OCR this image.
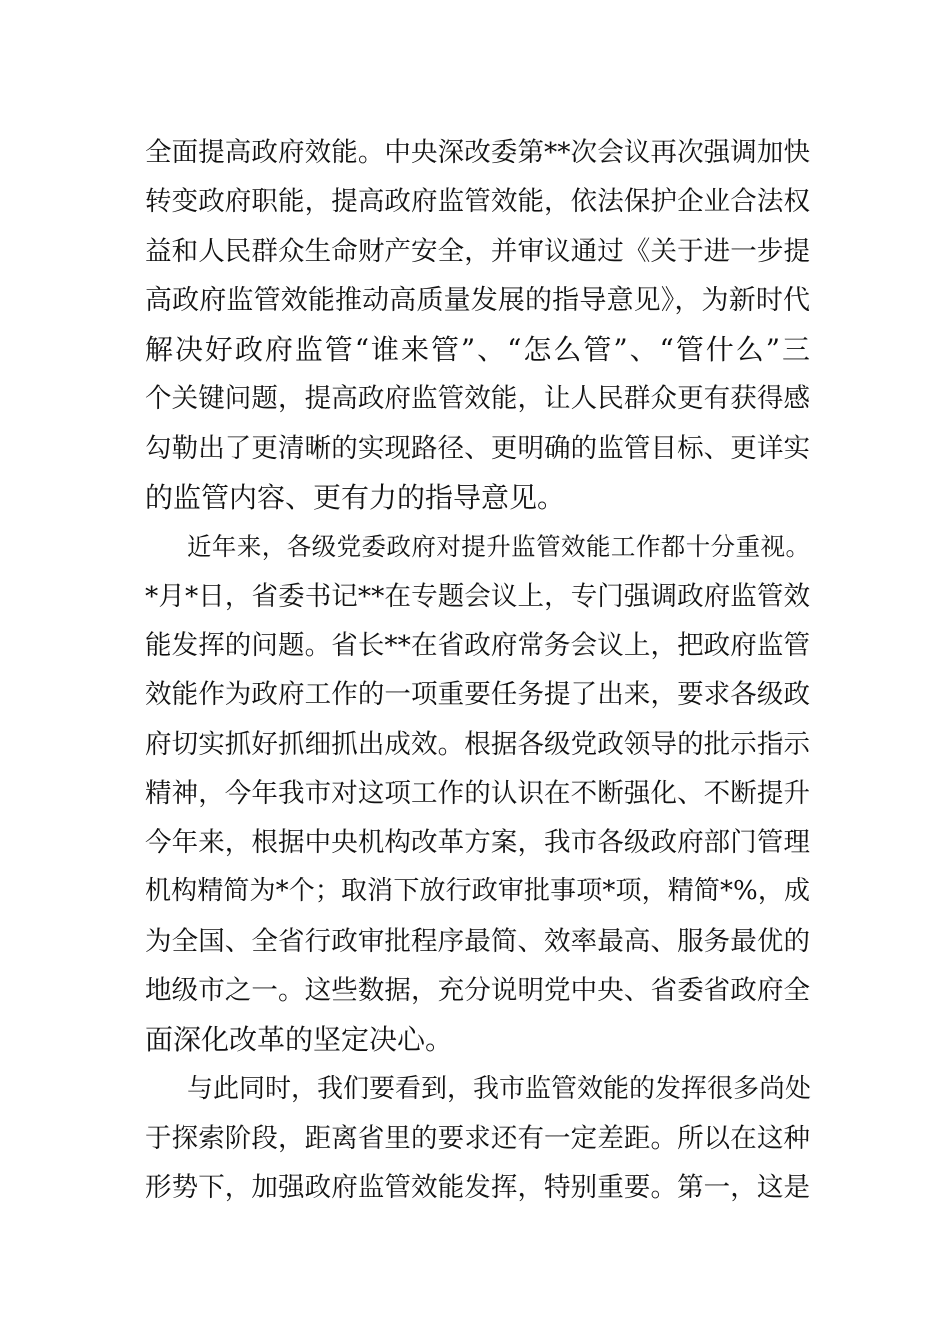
全面提高政府效能。中央深改委第**次会议再次强调加快
转变政府职能，提高政府监管效能，依法保护企业合法权
益和人民群众生命财产安全，并审议通过《关于进一步提
高政府监管效能推动高质量发展的指导意见》，为新时代
解决好政府监管“谁来管”、“怎么管”、“管什么”三
个关键问题，提高政府监管效能，让人民群众更有获得感
勾勒出了更清晰的实现路径、更明确的监管目标、更详实
的监管内容、更有力的指导意见。
近年来，各级党委政府对提升监管效能工作都十分重视。
*月*日，省委书记**在专题会议上，专门强调政府监管效
能发挥的问题。省长**在省政府常务会议上，把政府监管
效能作为政府工作的一项重要任务提了出来，要求各级政
府切实抓好抓细抓出成效。根据各级党政领导的批示指示
精神，今年我市对这项工作的认识在不断强化、不断提升
今年来，根据中央机构改革方案，我市各级政府部门管理
机构精简为*个；取消下放行政审批事项*项，精简*%，成
为全国、全省行政审批程序最简、效率最高、服务最优的
地级市之一。这些数据，充分说明党中央、省委省政府全
面深化改革的坚定决心。
与此同时，我们要看到，我市监管效能的发挥很多尚处
于探索阶段，距离省里的要求还有一定差距。所以在这种
形势下，加强政府监管效能发挥，特别重要。第一，这是
